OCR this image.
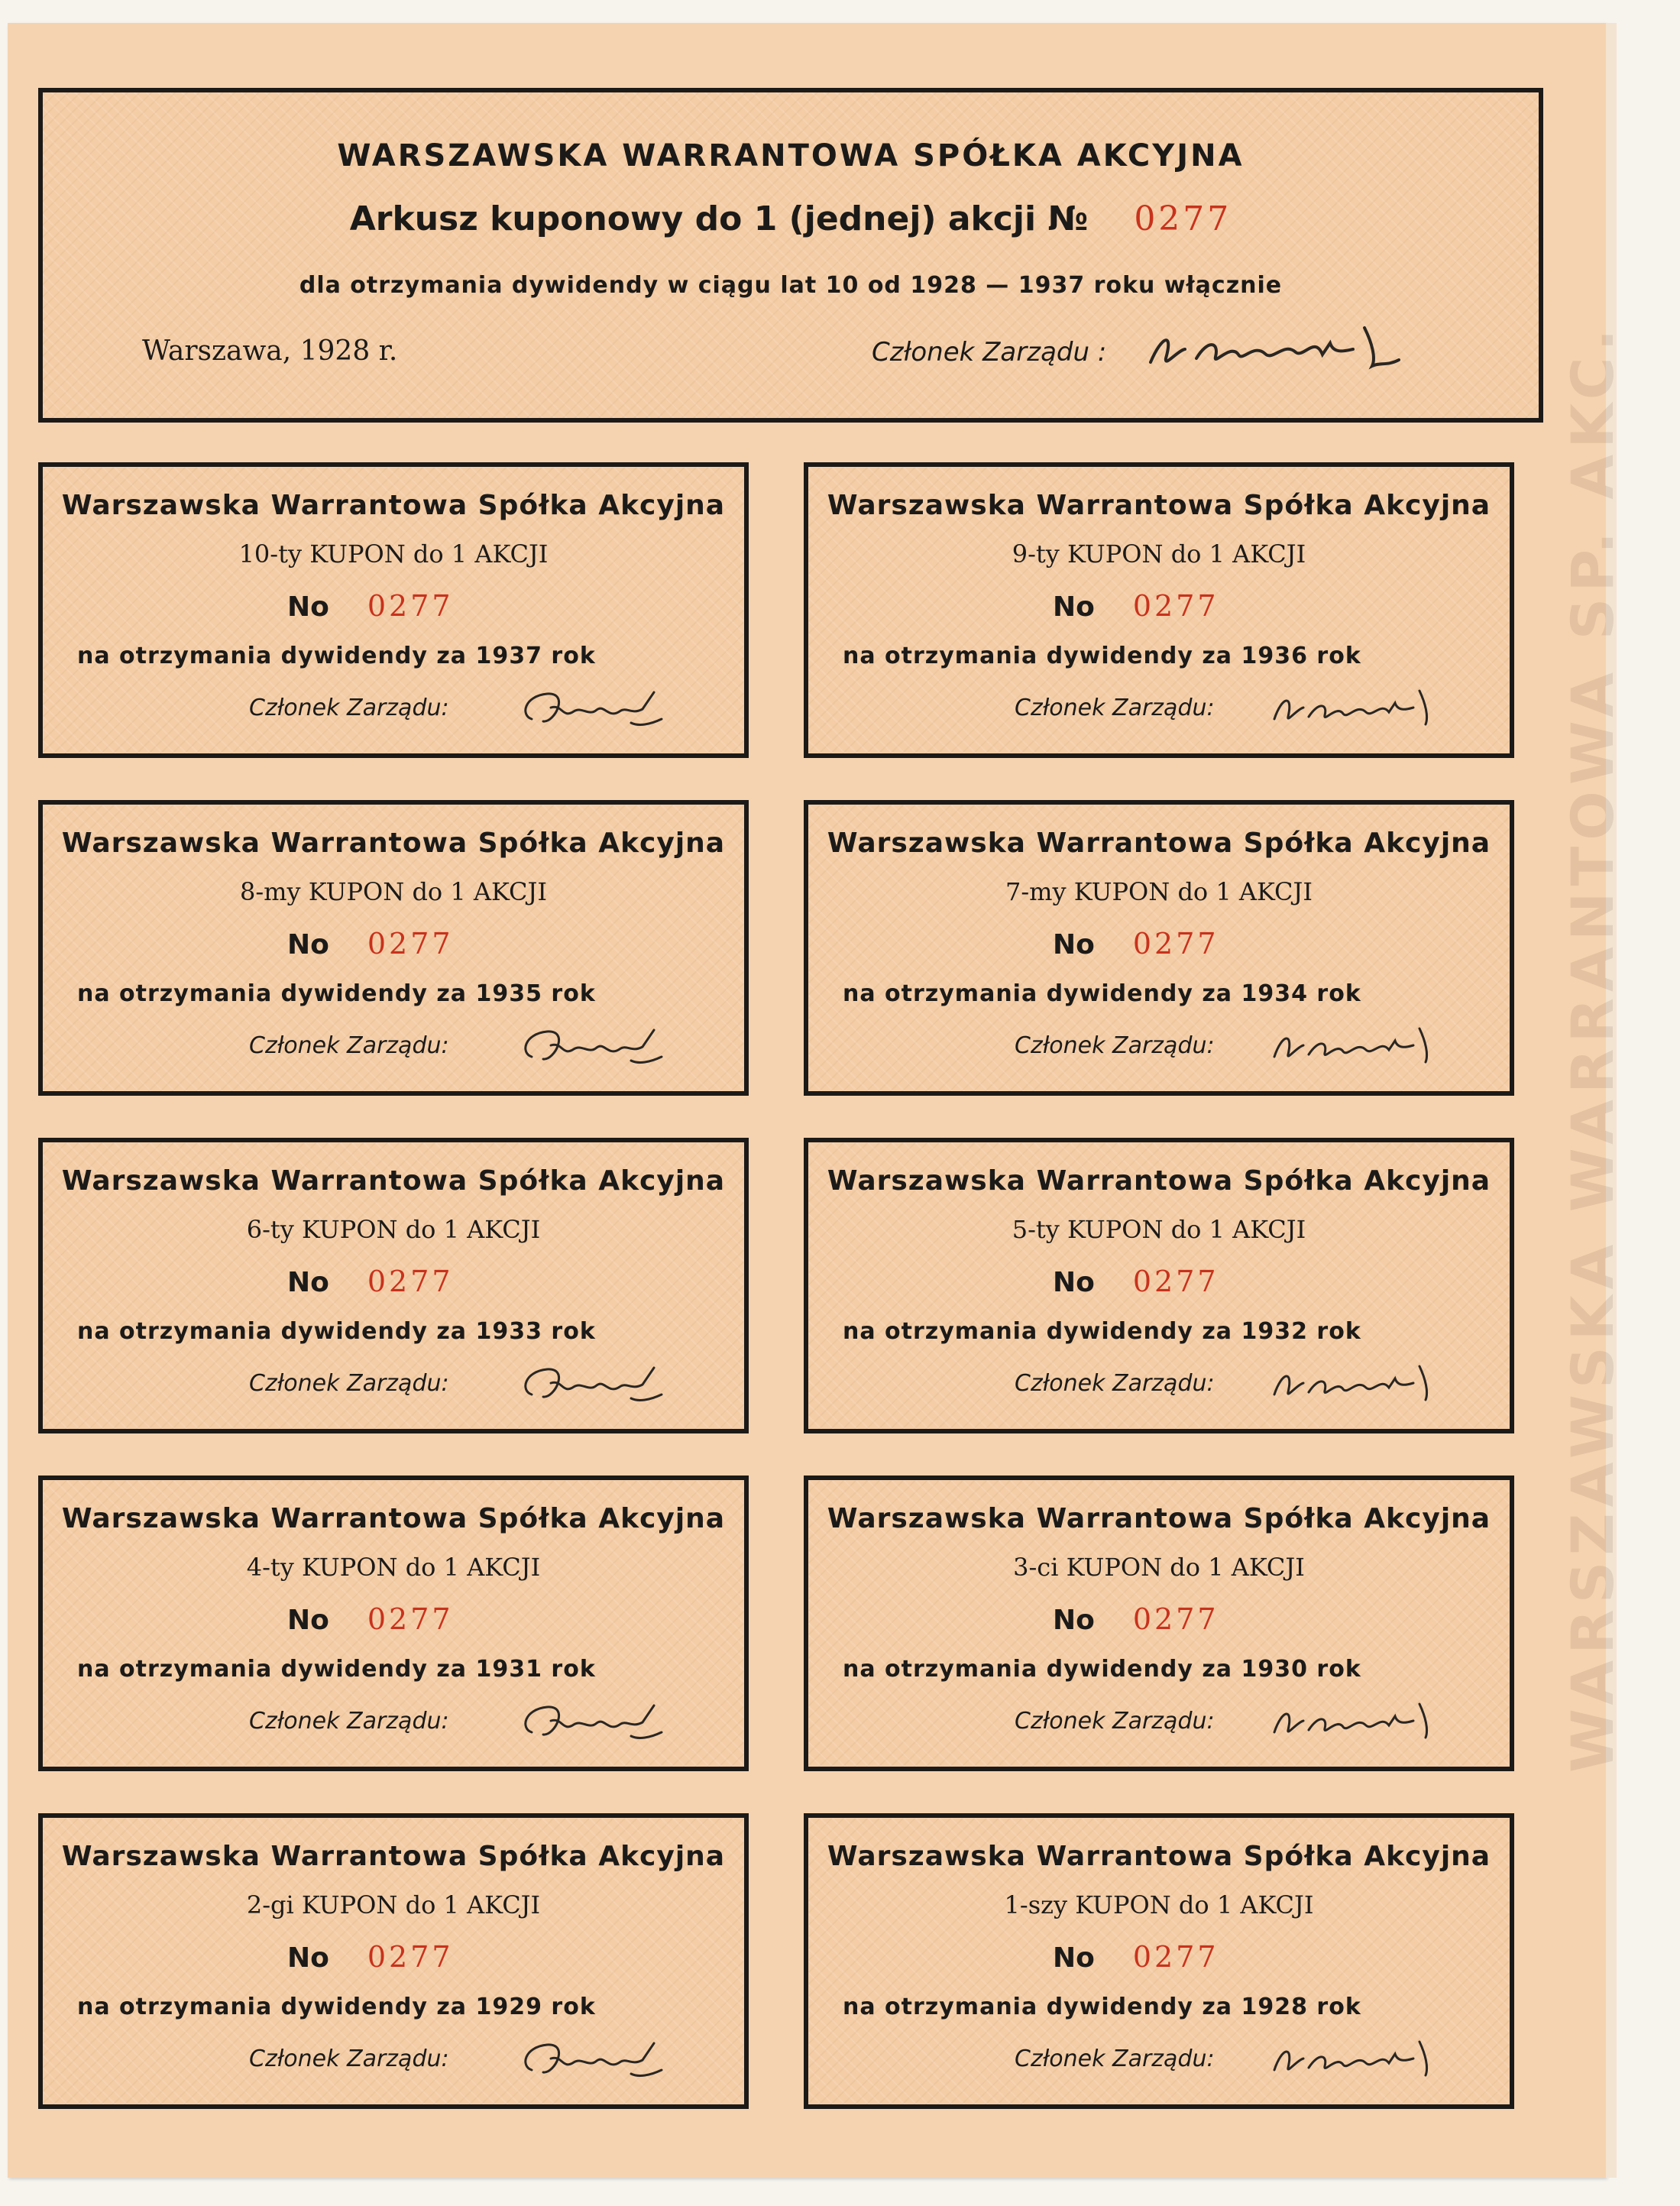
WARSZAWSKA WARRANTOWA SP. AKC.
WARSZAWSKA WARRANTOWA SPÓŁKA AKCYJNA
Arkusz kuponowy do 1 (jednej) akcji № 0277
dla otrzymania dywidendy w ciągu lat 10 od 1928 — 1937 roku włącznie
Warszawa, 1928 r.	Członek Zarządu :
Warszawska Warrantowa Spółka Akcyjna
10-ty KUPON do 1 AKCJI
No 0277
na otrzymania dywidendy za 1937 rok
Członek Zarządu:
Warszawska Warrantowa Spółka Akcyjna
8-my KUPON do 1 AKCJI
No 0277
na otrzymania dywidendy za 1935 rok
Członek Zarządu:
Warszawska Warrantowa Spółka Akcyjna
6-ty KUPON do 1 AKCJI
No 0277
na otrzymania dywidendy za 1933 rok
Członek Zarządu:
Warszawska Warrantowa Spółka Akcyjna
4-ty KUPON do 1 AKCJI
No 0277
na otrzymania dywidendy za 1931 rok
Członek Zarządu:
Warszawska Warrantowa Spółka Akcyjna
2-gi KUPON do 1 AKCJI
No 0277
na otrzymania dywidendy za 1929 rok
Członek Zarządu:
Warszawska Warrantowa Spółka Akcyjna
9-ty KUPON do 1 AKCJI
No 0277
na otrzymania dywidendy za 1936 rok
Członek Zarządu:
Warszawska Warrantowa Spółka Akcyjna
7-my KUPON do 1 AKCJI
No 0277
na otrzymania dywidendy za 1934 rok
Członek Zarządu:
Warszawska Warrantowa Spółka Akcyjna
5-ty KUPON do 1 AKCJI
No 0277
na otrzymania dywidendy za 1932 rok
Członek Zarządu:
Warszawska Warrantowa Spółka Akcyjna
3-ci KUPON do 1 AKCJI
No 0277
na otrzymania dywidendy za 1930 rok
Członek Zarządu:
Warszawska Warrantowa Spółka Akcyjna
1-szy KUPON do 1 AKCJI
No 0277
na otrzymania dywidendy za 1928 rok
Członek Zarządu:
